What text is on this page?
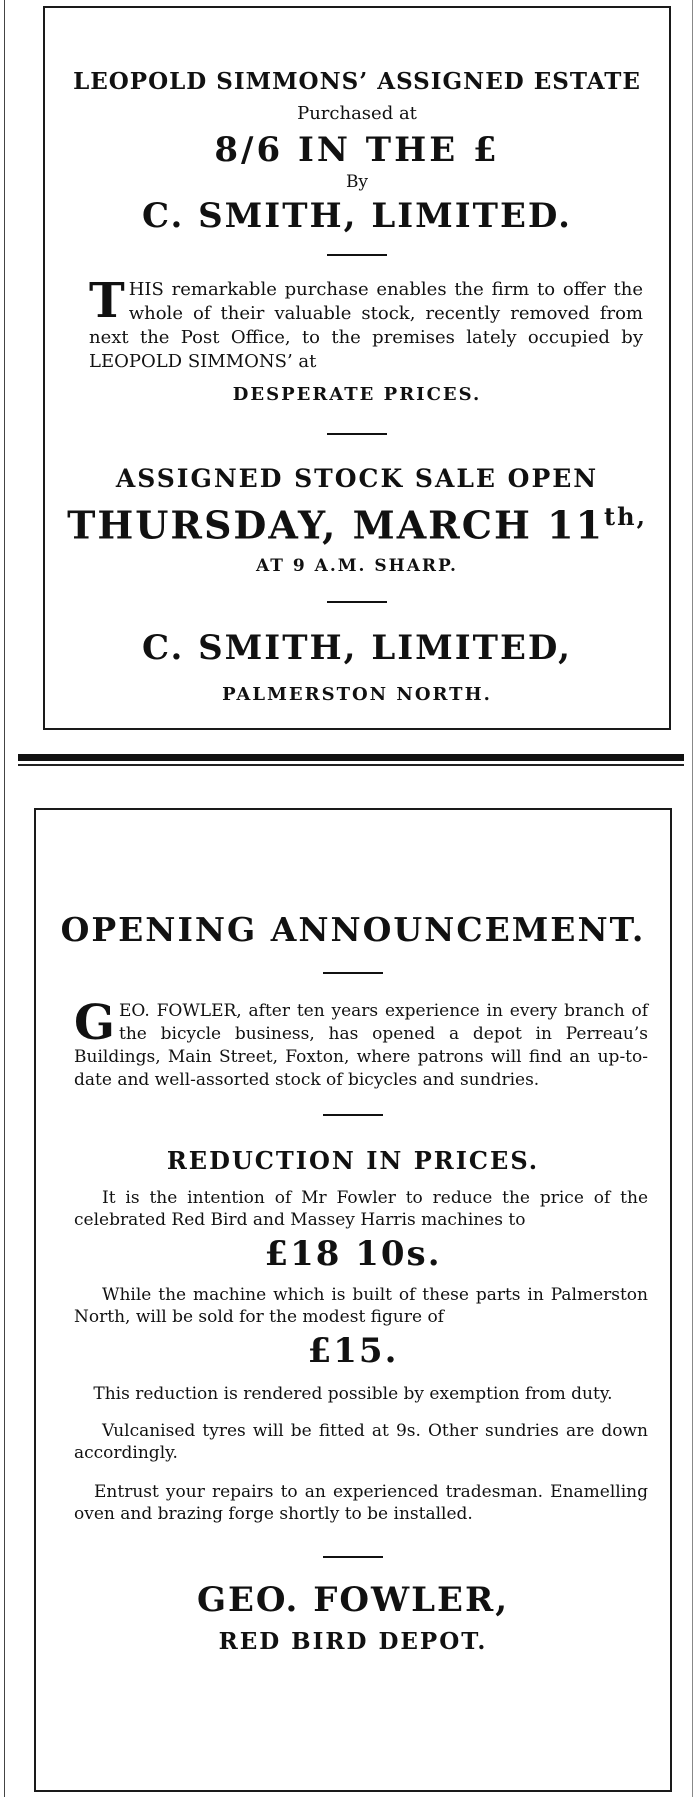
LEOPOLD SIMMONS’ ASSIGNED ESTATE
Purchased at
8/6 IN THE £
By
C. SMITH, LIMITED.
THIS remarkable purchase enables the firm to offer the whole of their valuable stock, recently removed from next the Post Office, to the premises lately occupied by LEOPOLD SIMMONS’ at
DESPERATE PRICES.
ASSIGNED STOCK SALE OPEN
THURSDAY, MARCH $11^{th,}$
AT 9 A.M. SHARP.
C. SMITH, LIMITED,
PALMERSTON NORTH.
OPENING ANNOUNCEMENT.
GEO. FOWLER, after ten years experience in every branch of the bicycle business, has opened a depot in Perreau’s Buildings, Main Street, Foxton, where patrons will find an up-to-date and well-assorted stock of bicycles and sundries.
REDUCTION IN PRICES.
It is the intention of Mr Fowler to reduce the price of the celebrated Red Bird and Massey Harris machines to
£18 10s.
While the machine which is built of these parts in Palmerston North, will be sold for the modest figure of
£15.
This reduction is rendered possible by exemption from duty.
Vulcanised tyres will be fitted at 9s. Other sundries are down accordingly.
Entrust your repairs to an experienced tradesman. Enamelling oven and brazing forge shortly to be installed.
GEO. FOWLER,
RED BIRD DEPOT.
